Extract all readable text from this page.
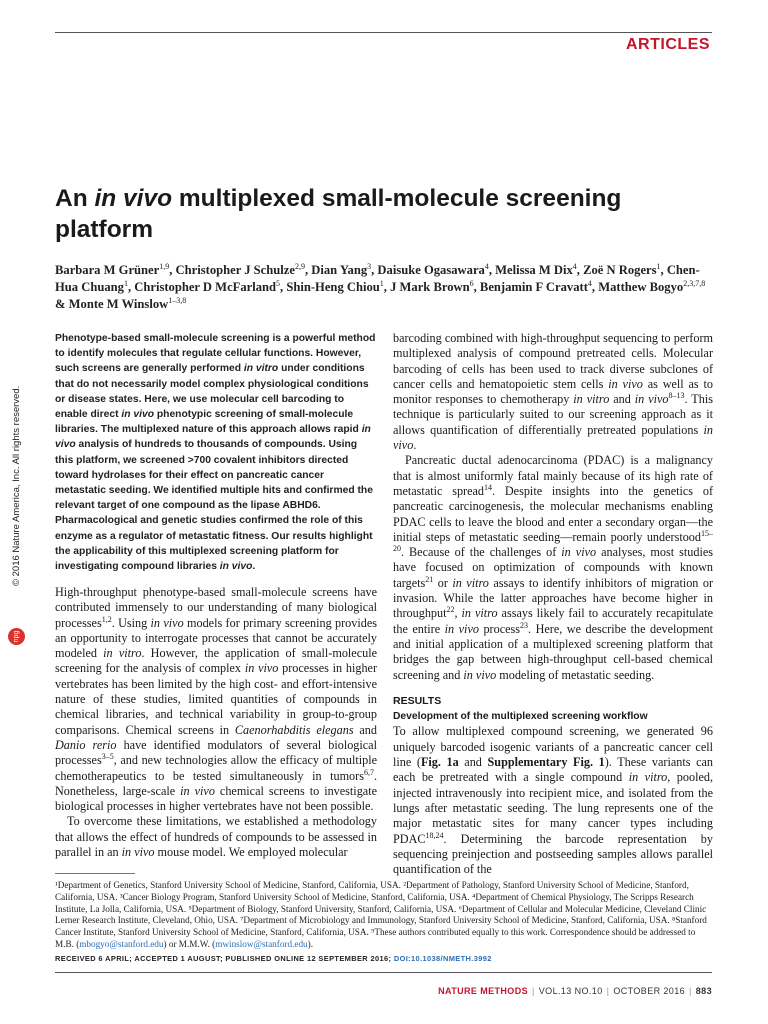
ARTICLES
An in vivo multiplexed small-molecule screening platform

Barbara M Grüner$^{1,9}$, Christopher J Schulze$^{2,9}$, Dian Yang$^3$, Daisuke Ogasawara$^4$, Melissa M Dix$^4$, Zoë N Rogers$^1$, Chen-Hua Chuang$^1$, Christopher D McFarland$^5$, Shin-Heng Chiou$^1$, J Mark Brown$^6$, Benjamin F Cravatt$^4$, Matthew Bogyo$^{2,3,7,8}$ & Monte M Winslow$^{1-3,8}$

© 2016 Nature America, Inc. All rights reserved.
npg

Phenotype-based small-molecule screening is a powerful method to identify molecules that regulate cellular functions. However, such screens are generally performed in vitro under conditions that do not necessarily model complex physiological conditions or disease states. Here, we use molecular cell barcoding to enable direct in vivo phenotypic screening of small-molecule libraries. The multiplexed nature of this approach allows rapid in vivo analysis of hundreds to thousands of compounds. Using this platform, we screened >700 covalent inhibitors directed toward hydrolases for their effect on pancreatic cancer metastatic seeding. We identified multiple hits and confirmed the relevant target of one compound as the lipase ABHD6. Pharmacological and genetic studies confirmed the role of this enzyme as a regulator of metastatic fitness. Our results highlight the applicability of this multiplexed screening platform for investigating compound libraries in vivo.

High-throughput phenotype-based small-molecule screens have contributed immensely to our understanding of many biological processes$^{1,2}$. Using in vivo models for primary screening provides an opportunity to interrogate processes that cannot be accurately modeled in vitro. However, the application of small-molecule screening for the analysis of complex in vivo processes in higher vertebrates has been limited by the high cost- and effort-intensive nature of these studies, limited quantities of compounds in chemical libraries, and technical variability in group-to-group comparisons. Chemical screens in Caenorhabditis elegans and Danio rerio have identified modulators of several biological processes$^{3-5}$, and new technologies allow the efficacy of multiple chemotherapeutics to be tested simultaneously in tumors$^{6,7}$. Nonetheless, large-scale in vivo chemical screens to investigate biological processes in higher vertebrates have not been possible.

To overcome these limitations, we established a methodology that allows the effect of hundreds of compounds to be assessed in parallel in an in vivo mouse model. We employed molecular

barcoding combined with high-throughput sequencing to perform multiplexed analysis of compound pretreated cells. Molecular barcoding of cells has been used to track diverse subclones of cancer cells and hematopoietic stem cells in vivo as well as to monitor responses to chemotherapy in vitro and in vivo$^{8-13}$. This technique is particularly suited to our screening approach as it allows quantification of differentially pretreated populations in vivo.

Pancreatic ductal adenocarcinoma (PDAC) is a malignancy that is almost uniformly fatal mainly because of its high rate of metastatic spread$^{14}$. Despite insights into the genetics of pancreatic carcinogenesis, the molecular mechanisms enabling PDAC cells to leave the blood and enter a secondary organ—the initial steps of metastatic seeding—remain poorly understood$^{15-20}$. Because of the challenges of in vivo analyses, most studies have focused on optimization of compounds with known targets$^{21}$ or in vitro assays to identify inhibitors of migration or invasion. While the latter approaches have become higher in throughput$^{22}$, in vitro assays likely fail to accurately recapitulate the entire in vivo process$^{23}$. Here, we describe the development and initial application of a multiplexed screening platform that bridges the gap between high-throughput cell-based chemical screening and in vivo modeling of metastatic seeding.

RESULTS

Development of the multiplexed screening workflow

To allow multiplexed compound screening, we generated 96 uniquely barcoded isogenic variants of a pancreatic cancer cell line (Fig. 1a and Supplementary Fig. 1). These variants can each be pretreated with a single compound in vitro, pooled, injected intravenously into recipient mice, and isolated from the lungs after metastatic seeding. The lung represents one of the major metastatic sites for many cancer types including PDAC$^{18,24}$. Determining the barcode representation by sequencing preinjection and postseeding samples allows parallel quantification of the

¹Department of Genetics, Stanford University School of Medicine, Stanford, California, USA. ²Department of Pathology, Stanford University School of Medicine, Stanford, California, USA. ³Cancer Biology Program, Stanford University School of Medicine, Stanford, California, USA. ⁴Department of Chemical Physiology, The Scripps Research Institute, La Jolla, California, USA. ⁵Department of Biology, Stanford University, Stanford, California, USA. ⁶Department of Cellular and Molecular Medicine, Cleveland Clinic Lerner Research Institute, Cleveland, Ohio, USA. ⁷Department of Microbiology and Immunology, Stanford University School of Medicine, Stanford, California, USA. ⁸Stanford Cancer Institute, Stanford University School of Medicine, Stanford, California, USA. ⁹These authors contributed equally to this work. Correspondence should be addressed to M.B. (mbogyo@stanford.edu) or M.M.W. (mwinslow@stanford.edu).

RECEIVED 6 APRIL; ACCEPTED 1 AUGUST; PUBLISHED ONLINE 12 SEPTEMBER 2016; DOI:10.1038/NMETH.3992

NATURE METHODS | VOL.13 NO.10 | OCTOBER 2016 | 883
